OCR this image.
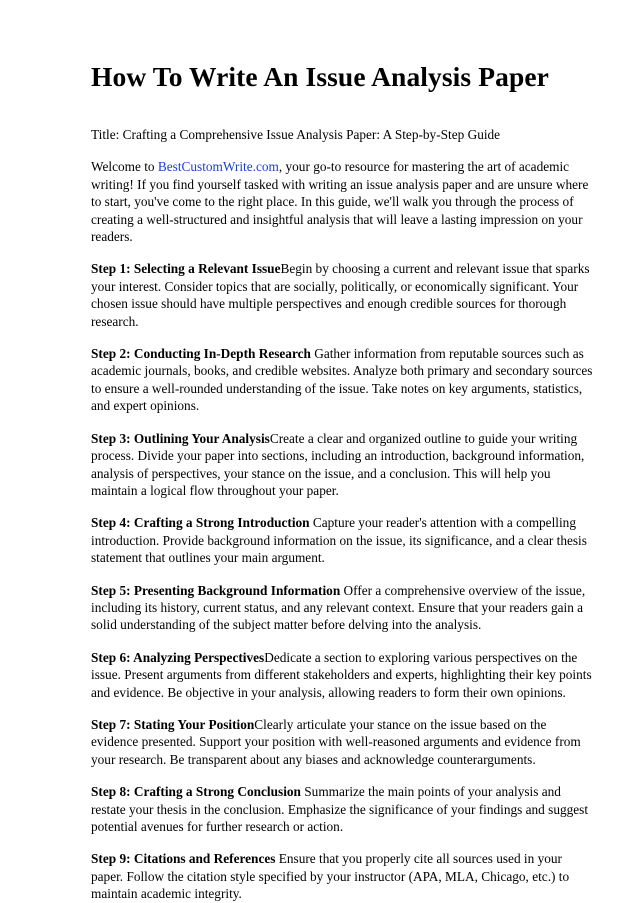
How To Write An Issue Analysis Paper

Title: Crafting a Comprehensive Issue Analysis Paper: A Step-by-Step Guide

Welcome to BestCustomWrite.com, your go-to resource for mastering the art of academic writing! If you find yourself tasked with writing an issue analysis paper and are unsure where to start, you've come to the right place. In this guide, we'll walk you through the process of creating a well-structured and insightful analysis that will leave a lasting impression on your readers.

Step 1: Selecting a Relevant IssueBegin by choosing a current and relevant issue that sparks your interest. Consider topics that are socially, politically, or economically significant. Your chosen issue should have multiple perspectives and enough credible sources for thorough research.

Step 2: Conducting In-Depth Research Gather information from reputable sources such as academic journals, books, and credible websites. Analyze both primary and secondary sources to ensure a well-rounded understanding of the issue. Take notes on key arguments, statistics, and expert opinions.

Step 3: Outlining Your AnalysisCreate a clear and organized outline to guide your writing process. Divide your paper into sections, including an introduction, background information, analysis of perspectives, your stance on the issue, and a conclusion. This will help you maintain a logical flow throughout your paper.

Step 4: Crafting a Strong Introduction Capture your reader's attention with a compelling introduction. Provide background information on the issue, its significance, and a clear thesis statement that outlines your main argument.

Step 5: Presenting Background Information Offer a comprehensive overview of the issue, including its history, current status, and any relevant context. Ensure that your readers gain a solid understanding of the subject matter before delving into the analysis.

Step 6: Analyzing PerspectivesDedicate a section to exploring various perspectives on the issue. Present arguments from different stakeholders and experts, highlighting their key points and evidence. Be objective in your analysis, allowing readers to form their own opinions.

Step 7: Stating Your PositionClearly articulate your stance on the issue based on the evidence presented. Support your position with well-reasoned arguments and evidence from your research. Be transparent about any biases and acknowledge counterarguments.

Step 8: Crafting a Strong Conclusion Summarize the main points of your analysis and restate your thesis in the conclusion. Emphasize the significance of your findings and suggest potential avenues for further research or action.

Step 9: Citations and References Ensure that you properly cite all sources used in your paper. Follow the citation style specified by your instructor (APA, MLA, Chicago, etc.) to maintain academic integrity.
